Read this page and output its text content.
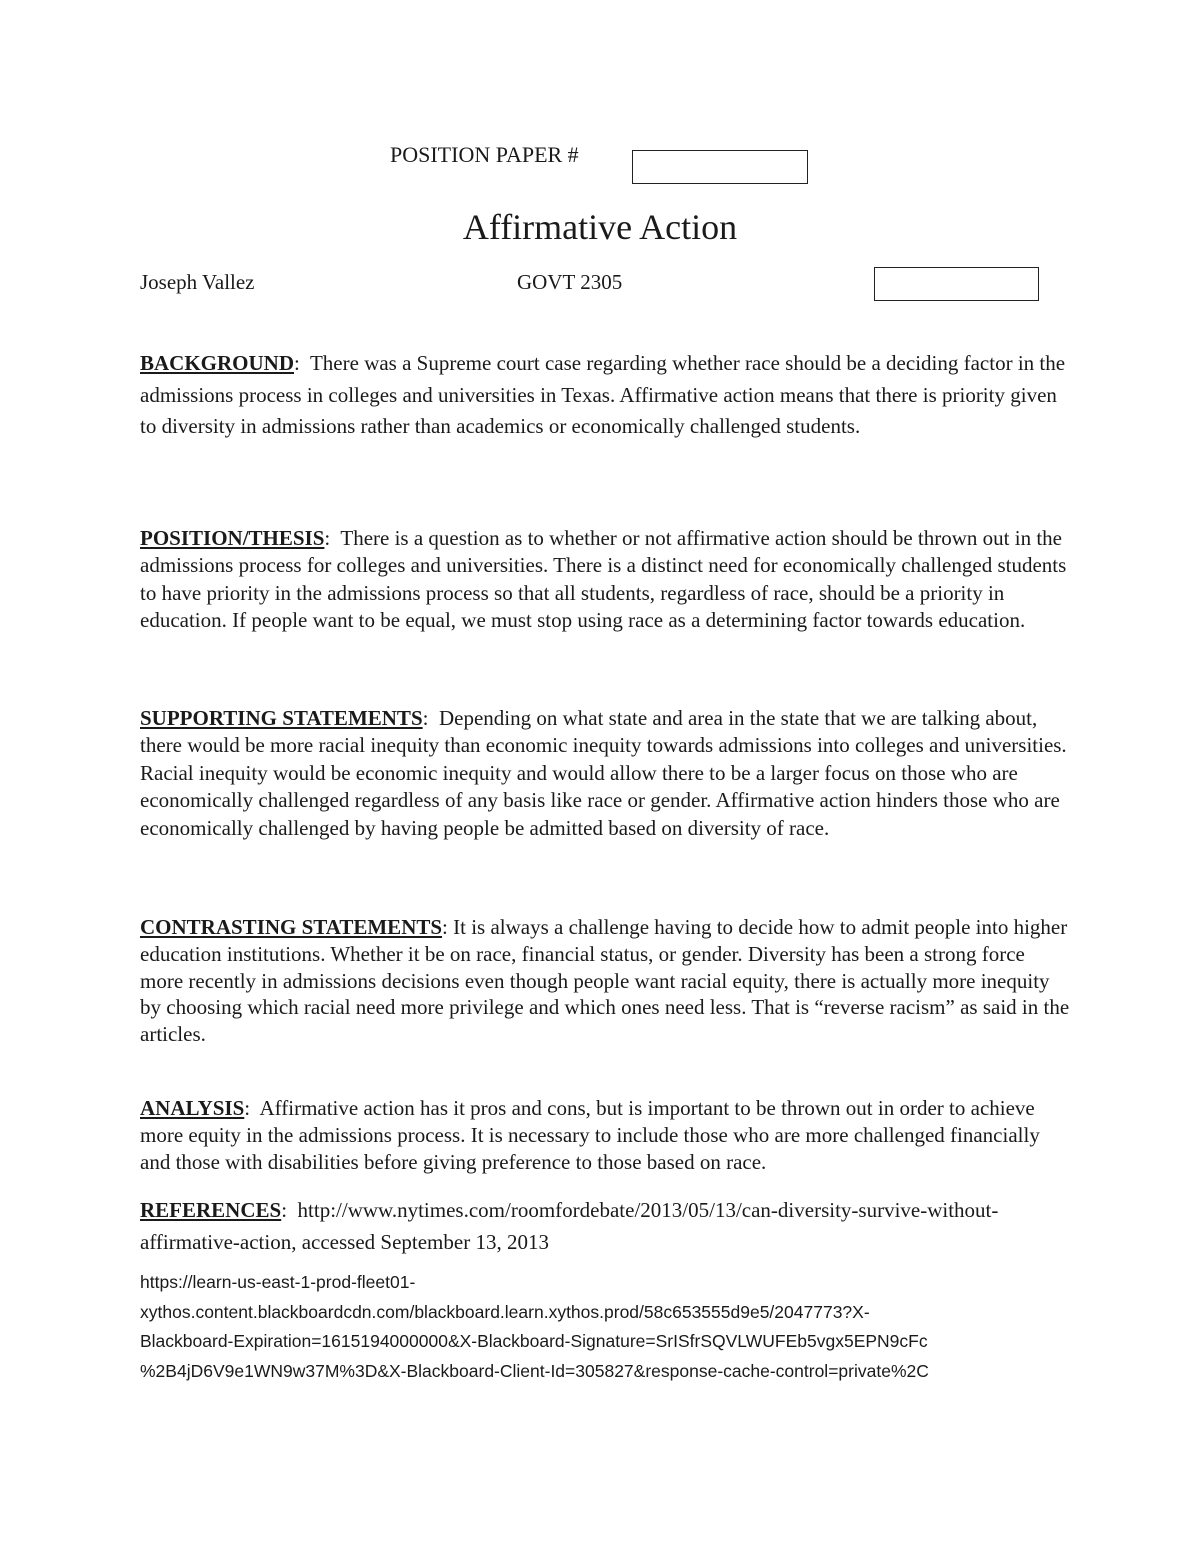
POSITION PAPER #
Affirmative Action
Joseph Vallez	GOVT 2305

BACKGROUND:  There was a Supreme court case regarding whether race should be a deciding factor in the admissions process in colleges and universities in Texas. Affirmative action means that there is priority given to diversity in admissions rather than academics or economically challenged students.

POSITION/THESIS:  There is a question as to whether or not affirmative action should be thrown out in the admissions process for colleges and universities. There is a distinct need for economically challenged students to have priority in the admissions process so that all students, regardless of race, should be a priority in education. If people want to be equal, we must stop using race as a determining factor towards education.

SUPPORTING STATEMENTS:  Depending on what state and area in the state that we are talking about, there would be more racial inequity than economic inequity towards admissions into colleges and universities. Racial inequity would be economic inequity and would allow there to be a larger focus on those who are economically challenged regardless of any basis like race or gender. Affirmative action hinders those who are economically challenged by having people be admitted based on diversity of race.

CONTRASTING STATEMENTS: It is always a challenge having to decide how to admit people into higher education institutions. Whether it be on race, financial status, or gender. Diversity has been a strong force more recently in admissions decisions even though people want racial equity, there is actually more inequity by choosing which racial need more privilege and which ones need less. That is “reverse racism” as said in the articles.

ANALYSIS:  Affirmative action has it pros and cons, but is important to be thrown out in order to achieve more equity in the admissions process. It is necessary to include those who are more challenged financially and those with disabilities before giving preference to those based on race.

REFERENCES:  http://www.nytimes.com/roomfordebate/2013/05/13/can-diversity-survive-without-affirmative-action, accessed September 13, 2013

https://learn-us-east-1-prod-fleet01-
xythos.content.blackboardcdn.com/blackboard.learn.xythos.prod/58c653555d9e5/2047773?X-
Blackboard-Expiration=1615194000000&X-Blackboard-Signature=SrISfrSQVLWUFEb5vgx5EPN9cFc
%2B4jD6V9e1WN9w37M%3D&X-Blackboard-Client-Id=305827&response-cache-control=private%2C
